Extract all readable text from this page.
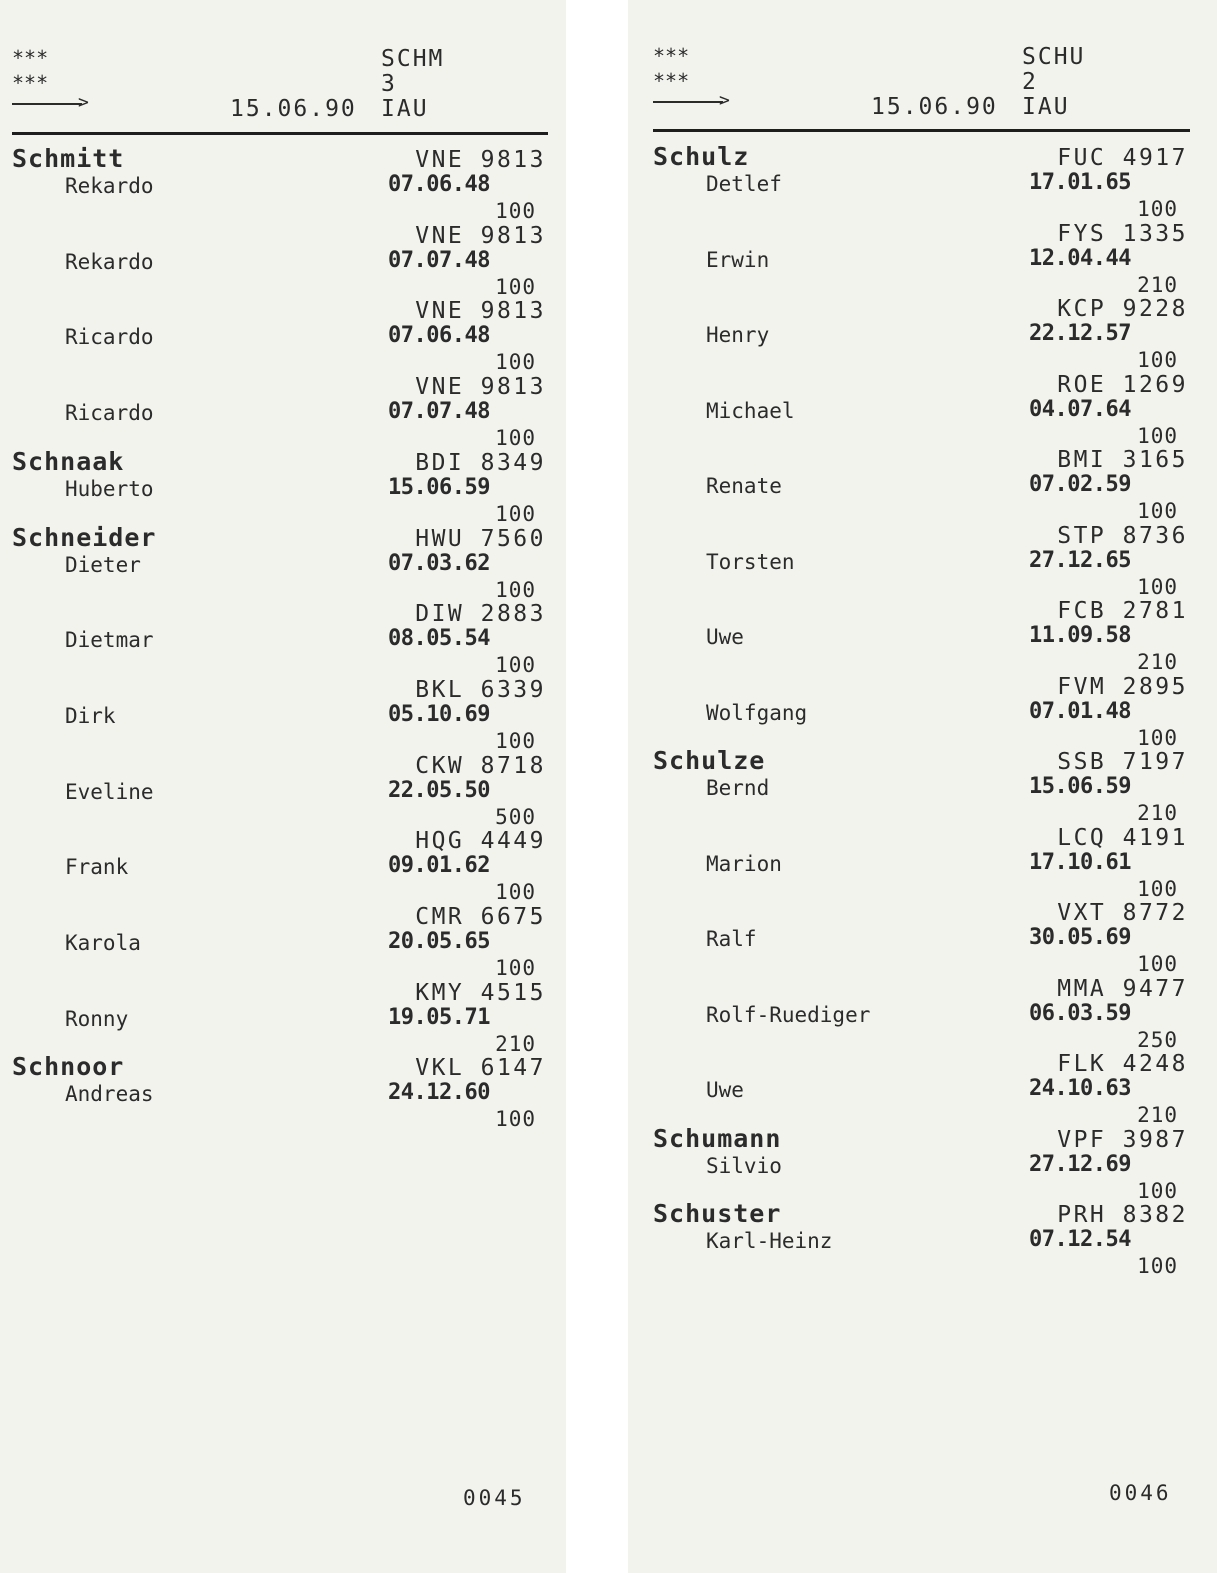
***
***
>	15.06.90
SCHM
3
IAU
0045
Schmitt
Rekardo
VNE 9813
07.06.48
100
Rekardo
VNE 9813
07.07.48
100
Ricardo
VNE 9813
07.06.48
100
Ricardo
VNE 9813
07.07.48
100
Schnaak
Huberto
BDI 8349
15.06.59
100
Schneider
Dieter
HWU 7560
07.03.62
100
Dietmar
DIW 2883
08.05.54
100
Dirk
BKL 6339
05.10.69
100
Eveline
CKW 8718
22.05.50
500
Frank
HQG 4449
09.01.62
100
Karola
CMR 6675
20.05.65
100
Ronny
KMY 4515
19.05.71
210
Schnoor
Andreas
VKL 6147
24.12.60
100
***
***
>	15.06.90
SCHU
2
IAU
0046
Schulz
Detlef
FUC 4917
17.01.65
100
Erwin
FYS 1335
12.04.44
210
Henry
KCP 9228
22.12.57
100
Michael
ROE 1269
04.07.64
100
Renate
BMI 3165
07.02.59
100
Torsten
STP 8736
27.12.65
100
Uwe
FCB 2781
11.09.58
210
Wolfgang
FVM 2895
07.01.48
100
Schulze
Bernd
SSB 7197
15.06.59
210
Marion
LCQ 4191
17.10.61
100
Ralf
VXT 8772
30.05.69
100
Rolf-Ruediger
MMA 9477
06.03.59
250
Uwe
FLK 4248
24.10.63
210
Schumann
Silvio
VPF 3987
27.12.69
100
Schuster
Karl-Heinz
PRH 8382
07.12.54
100
